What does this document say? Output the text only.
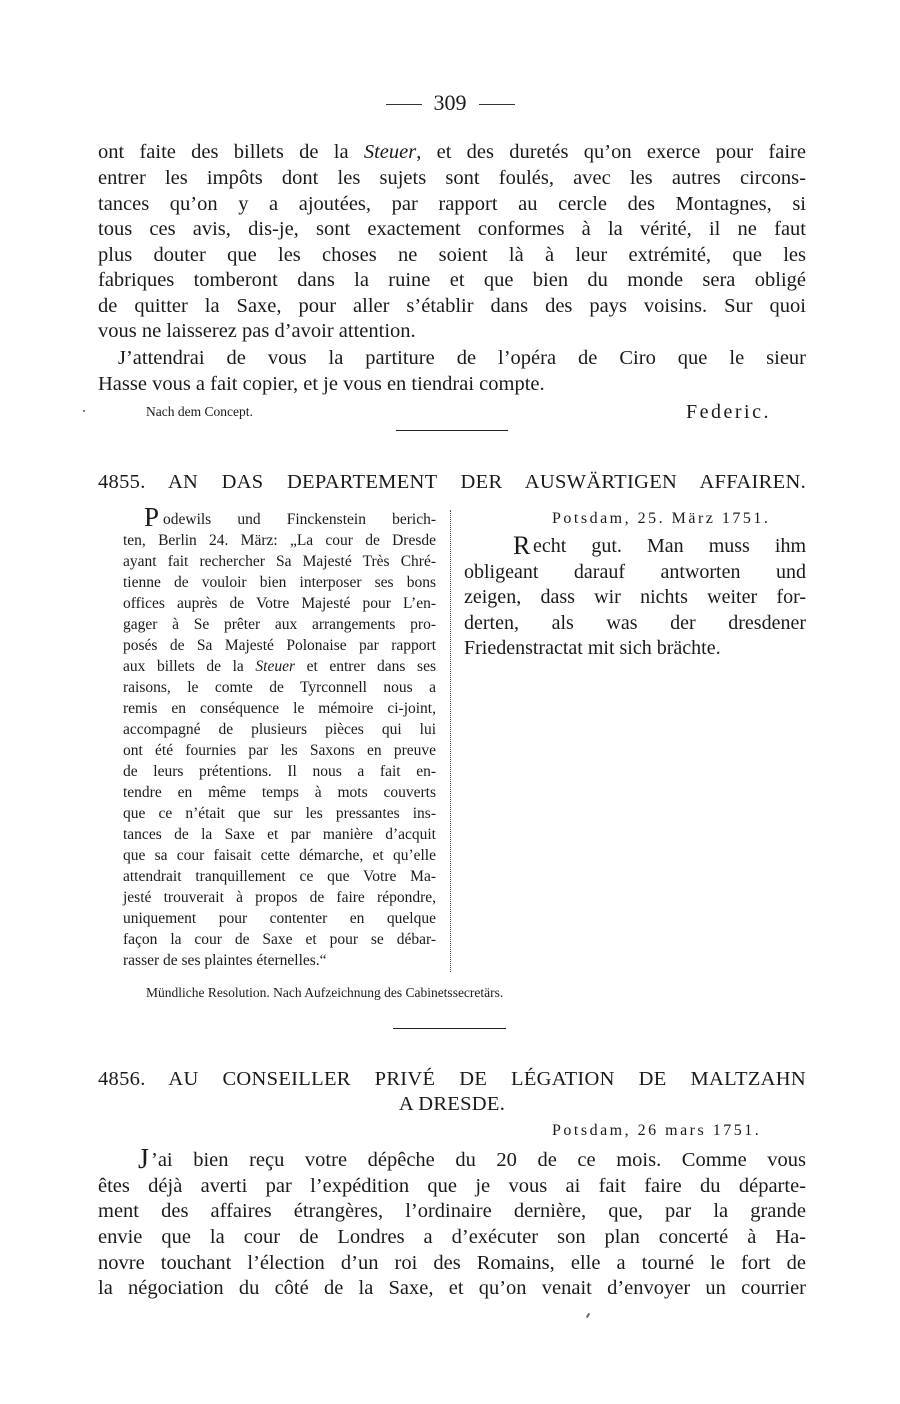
309
ont faite des billets de la Steuer, et des duretés qu’on exerce pour faire
entrer les impôts dont les sujets sont foulés, avec les autres circons-
tances qu’on y a ajoutées, par rapport au cercle des Montagnes, si
tous ces avis, dis-je, sont exactement conformes à la vérité, il ne faut
plus douter que les choses ne soient là à leur extrémité, que les
fabriques tomberont dans la ruine et que bien du monde sera obligé
de quitter la Saxe, pour aller s’établir dans des pays voisins. Sur quoi
vous ne laisserez pas d’avoir attention.
J’attendrai de vous la partiture de l’opéra de Ciro que le sieur
Hasse vous a fait copier, et je vous en tiendrai compte.
Nach dem Concept.	Federic.
4855. AN DAS DEPARTEMENT DER AUSWÄRTIGEN AFFAIREN.
P odewils und Finckenstein berich-
ten, Berlin 24. März: „La cour de Dresde
ayant fait rechercher Sa Majesté Très Chré-
tienne de vouloir bien interposer ses bons
offices auprès de Votre Majesté pour L’en-
gager à Se prêter aux arrangements pro-
posés de Sa Majesté Polonaise par rapport
aux billets de la Steuer et entrer dans ses
raisons, le comte de Tyrconnell nous a
remis en conséquence le mémoire ci-joint,
accompagné de plusieurs pièces qui lui
ont été fournies par les Saxons en preuve
de leurs prétentions. Il nous a fait en-
tendre en même temps à mots couverts
que ce n’était que sur les pressantes ins-
tances de la Saxe et par manière d’acquit
que sa cour faisait cette démarche, et qu’elle
attendrait tranquillement ce que Votre Ma-
jesté trouverait à propos de faire répondre,
uniquement pour contenter en quelque
façon la cour de Saxe et pour se débar-
rasser de ses plaintes éternelles.“
Potsdam, 25. März 1751.
R echt gut. Man muss ihm
obligeant darauf antworten und
zeigen, dass wir nichts weiter for-
derten, als was der dresdener
Friedenstractat mit sich brächte.
Mündliche Resolution. Nach Aufzeichnung des Cabinetssecretärs.
4856. AU CONSEILLER PRIVÉ DE LÉGATION DE MALTZAHN
A DRESDE.
Potsdam, 26 mars 1751.
J ’ai bien reçu votre dépêche du 20 de ce mois. Comme vous
êtes déjà averti par l’expédition que je vous ai fait faire du départe-
ment des affaires étrangères, l’ordinaire dernière, que, par la grande
envie que la cour de Londres a d’exécuter son plan concerté à Ha-
novre touchant l’élection d’un roi des Romains, elle a tourné le fort de
la négociation du côté de la Saxe, et qu’on venait d’envoyer un courrier
